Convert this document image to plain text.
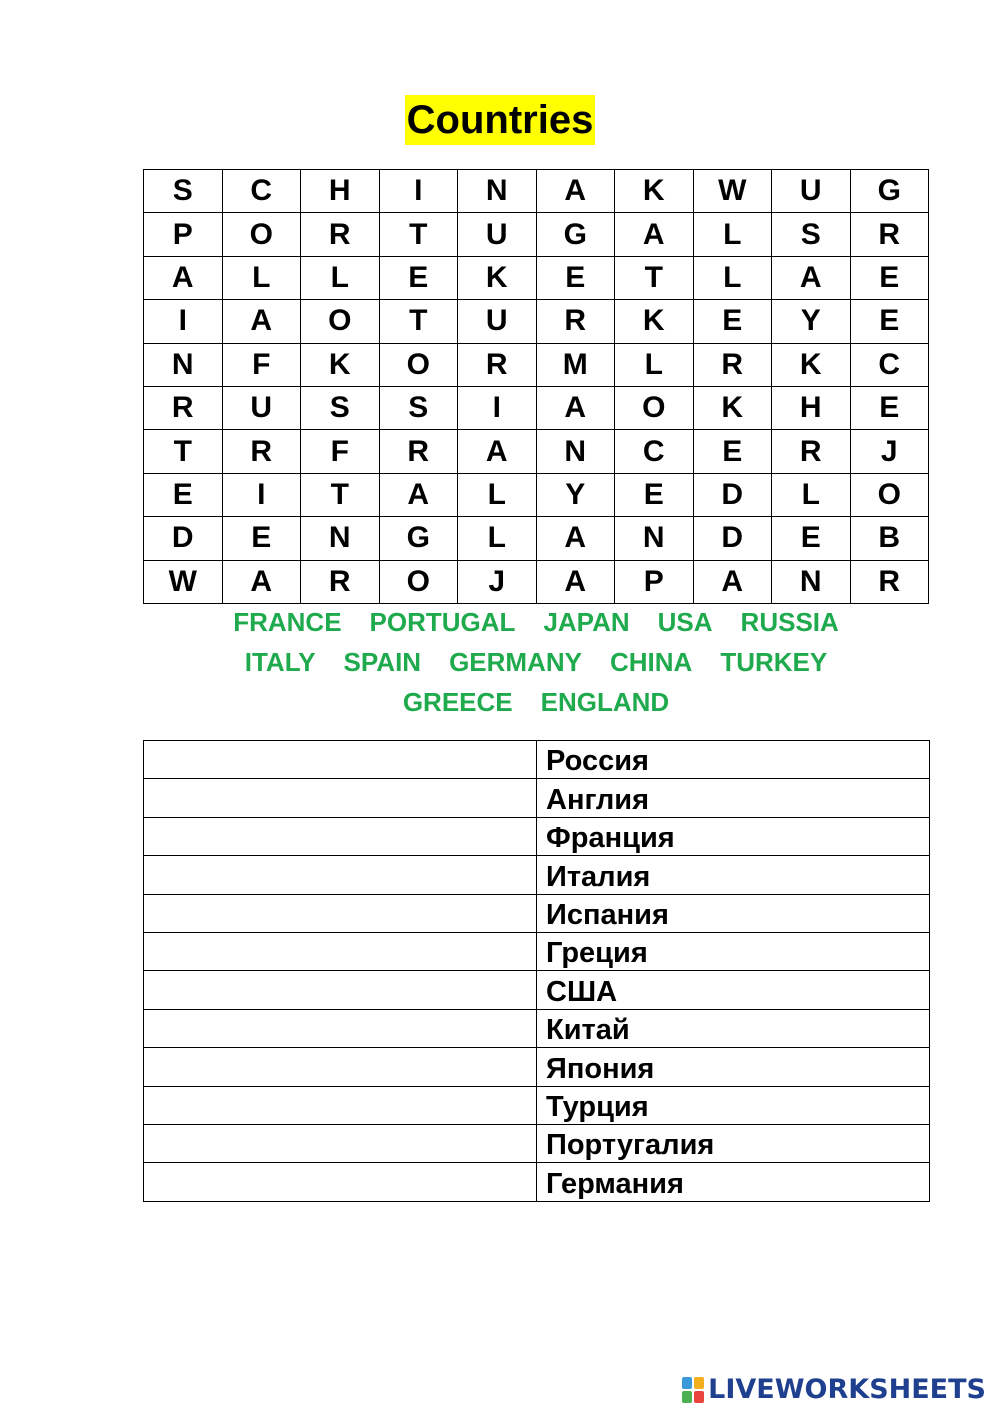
Countries
S	C	H	I	N	A	K	W	U	G
P	O	R	T	U	G	A	L	S	R
A	L	L	E	K	E	T	L	A	E
I	A	O	T	U	R	K	E	Y	E
N	F	K	O	R	M	L	R	K	C
R	U	S	S	I	A	O	K	H	E
T	R	F	R	A	N	C	E	R	J
E	I	T	A	L	Y	E	D	L	O
D	E	N	G	L	A	N	D	E	B
W	A	R	O	J	A	P	A	N	R
FRANCE PORTUGAL JAPAN USA RUSSIA
ITALY SPAIN GERMANY CHINA TURKEY
GREECE ENGLAND
	Россия
	Англия
	Франция
	Италия
	Испания
	Греция
	США
	Китай
	Япония
	Турция
	Португалия
	Германия
LIVEWORKSHEETS
